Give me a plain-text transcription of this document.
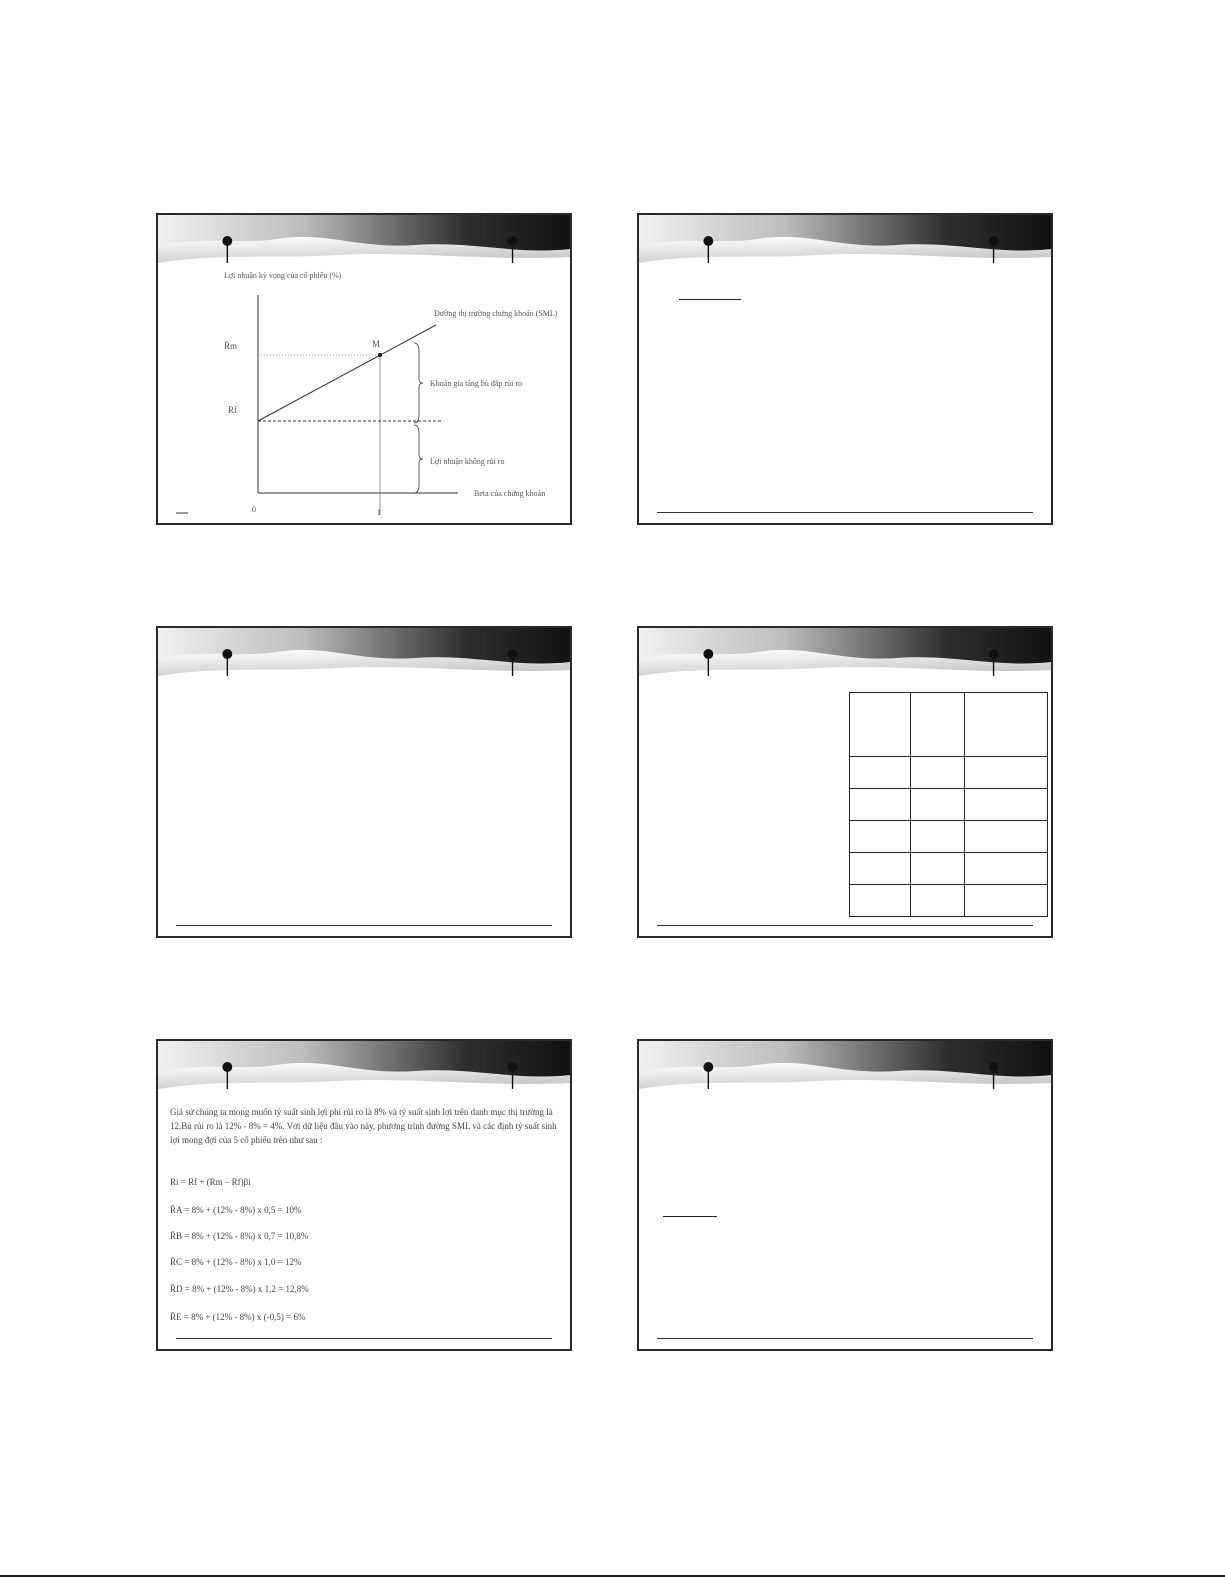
Lợi nhuận kỳ vọng của cổ phiếu (%)
Đường thị trường chứng khoán (SML)
M
R̄m
Rf
Khoản gia tăng bù đắp rủi ro
Lợi nhuận không rủi ro
Beta của chứng khoán
0	1

Giả sử chúng ta mong muốn tỷ suất sinh lợi phi rủi ro là 8% và tỷ suất sinh lợi trên danh mục thị trường là 12.Bù rủi ro là 12% - 8% = 4%. Với dữ liệu đầu vào này, phương trình đường SML và các định tỷ suất sinh lợi mong đợi của 5 cổ phiếu trên như sau :
Ri = Rf + (Rm – Rf)βi
R̄A = 8% + (12% - 8%) x 0,5 = 10%
R̄B = 8% + (12% - 8%) x 0,7 = 10,8%
R̄C = 8% + (12% - 8%) x 1,0 = 12%
R̄D = 8% + (12% - 8%) x 1,2 = 12,8%
R̄E = 8% + (12% - 8%) x (-0,5) = 6%
